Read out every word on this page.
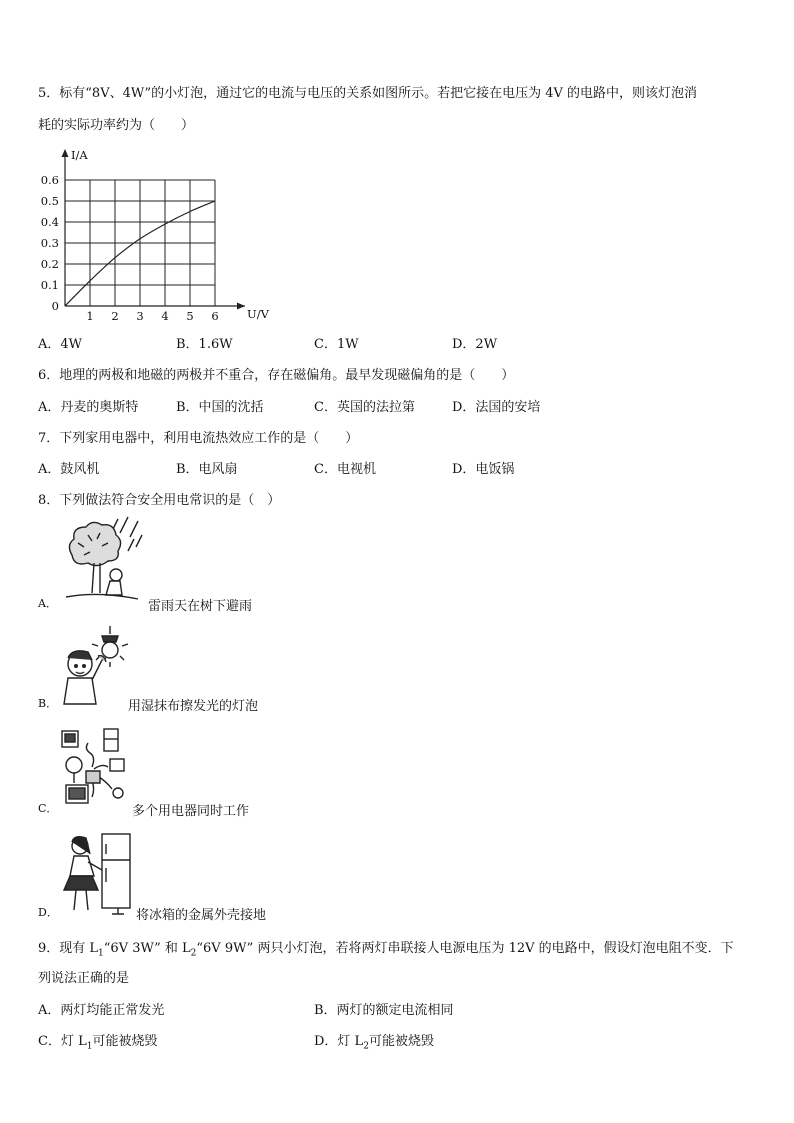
5．标有“8V、4W”的小灯泡，通过它的电流与电压的关系如图所示。若把它接在电压为 4V 的电路中，则该灯泡消
耗的实际功率约为（　　）
U/V
I/A
1 2 3 4 5 6
0
0.1
0.2
0.3
0.4
0.5
0.6
A．4W	B．1.6W	C．1W	D．2W
6．地理的两极和地磁的两极并不重合，存在磁偏角。最早发现磁偏角的是（　　）
A．丹麦的奥斯特	B．中国的沈括	C．英国的法拉第	D．法国的安培
7．下列家用电器中，利用电流热效应工作的是（　　）
A．鼓风机	B．电风扇	C．电视机	D．电饭锅
8．下列做法符合安全用电常识的是（　）
A．	雷雨天在树下避雨
B．	用湿抹布擦发光的灯泡
C．	多个用电器同时工作
D．	将冰箱的金属外壳接地
9．现有 $L_1“6V$ 3W” 和 $L_2“6V$ 9W” 两只小灯泡，若将两灯串联接人电源电压为 12V 的电路中，假设灯泡电阻不变．下
列说法正确的是
A．两灯均能正常发光	B．两灯的额定电流相同
C．灯 $L_1$可能被烧毁	D．灯 $L_2$可能被烧毁
